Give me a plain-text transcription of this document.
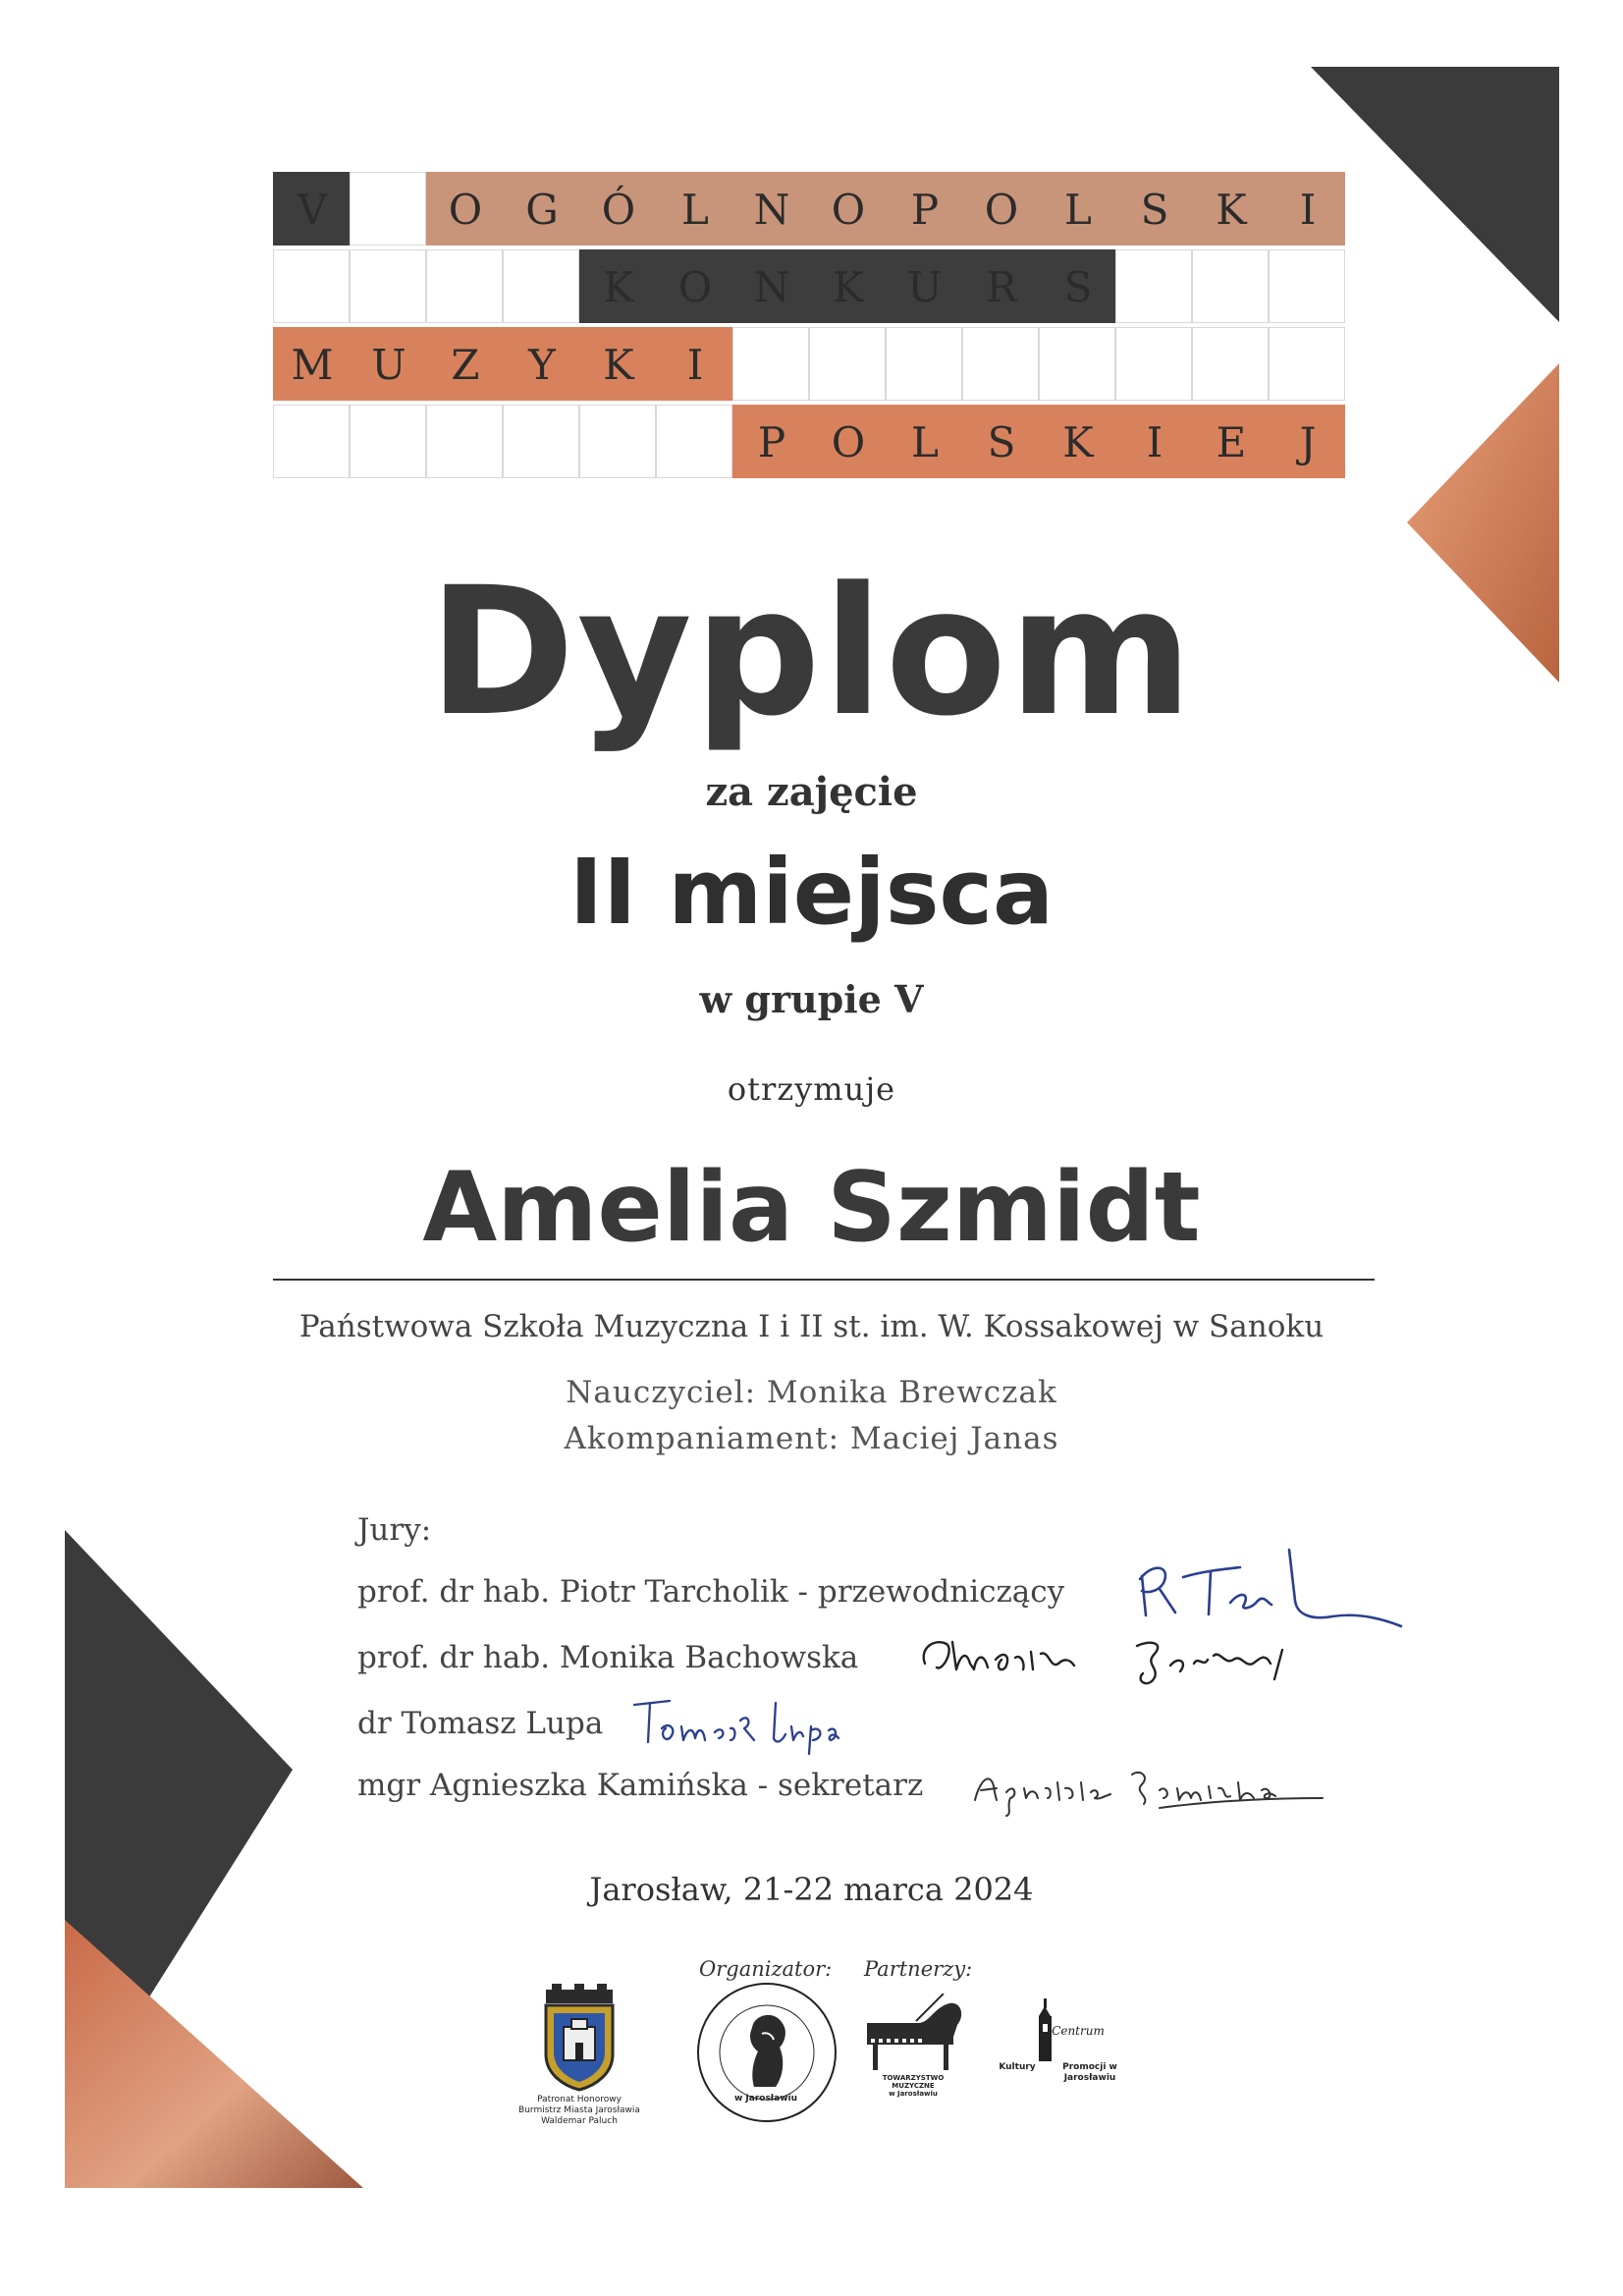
V	O	G	Ó	L	N	O	P	O	L	S	K	I
K	O	N	K	U	R	S
M U	Z	Y	K	I
P	O	L	S	K	I	E	J
Dyplom
za zajęcie
II miejsca
w grupie V
otrzymuje
Amelia Szmidt
Państwowa Szkoła Muzyczna I i II st. im. W. Kossakowej w Sanoku
Nauczyciel: Monika Brewczak
Akompaniament: Maciej Janas
Jury:
prof. dr hab. Piotr Tarcholik - przewodniczący
prof. dr hab. Monika Bachowska
dr Tomasz Lupa
mgr Agnieszka Kamińska - sekretarz
Jarosław, 21-22 marca 2024
Organizator: Partnerzy:
Patronat Honorowy
Burmistrz Miasta Jarosławia
Waldemar Paluch
w Jarosławiu
TOWARZYSTWO
MUZYCZNE
w Jarosławiu
Centrum
Kultury	Promocji w Jarosławiu
